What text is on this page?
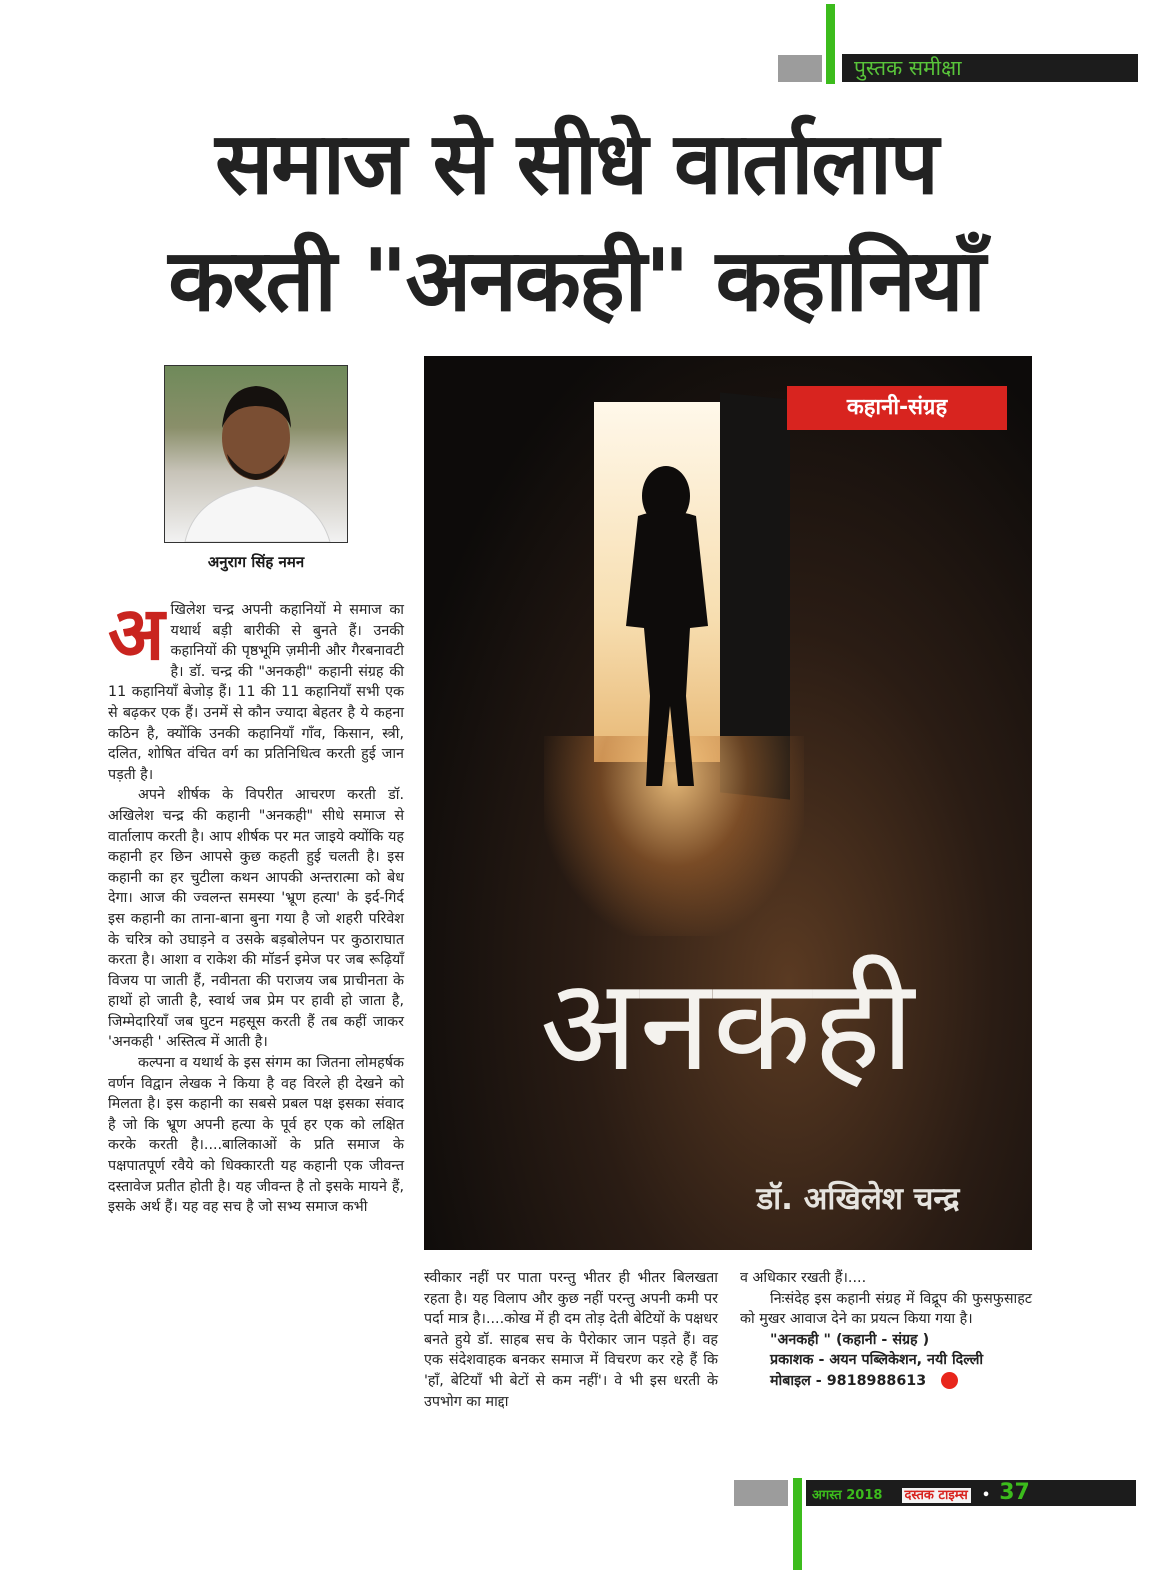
पुस्तक समीक्षा
समाज से सीधे वार्तालाप
करती "अनकही" कहानियाँ
अनुराग सिंह नमन

अ खिलेश चन्द्र अपनी कहानियों मे समाज का यथार्थ बड़ी बारीकी से बुनते हैं। उनकी कहानियों की पृष्ठभूमि ज़मीनी और गैरबनावटी है। डॉ. चन्द्र की "अनकही" कहानी संग्रह की 11 कहानियाँ बेजोड़ हैं। 11 की 11 कहानियाँ सभी एक से बढ़कर एक हैं। उनमें से कौन ज्यादा बेहतर है ये कहना कठिन है, क्योंकि उनकी कहानियाँ गाँव, किसान, स्त्री, दलित, शोषित वंचित वर्ग का प्रतिनिधित्व करती हुई जान पड़ती है।

अपने शीर्षक के विपरीत आचरण करती डॉ. अखिलेश चन्द्र की कहानी "अनकही" सीधे समाज से वार्तालाप करती है। आप शीर्षक पर मत जाइये क्योंकि यह कहानी हर छिन आपसे कुछ कहती हुई चलती है। इस कहानी का हर चुटीला कथन आपकी अन्तरात्मा को बेध देगा। आज की ज्वलन्त समस्या 'भ्रूण हत्या' के इर्द-गिर्द इस कहानी का ताना-बाना बुना गया है जो शहरी परिवेश के चरित्र को उघाड़ने व उसके बड़बोलेपन पर कुठाराघात करता है। आशा व राकेश की मॉडर्न इमेज पर जब रूढ़ियाँ विजय पा जाती हैं, नवीनता की पराजय जब प्राचीनता के हाथों हो जाती है, स्वार्थ जब प्रेम पर हावी हो जाता है, जिम्मेदारियाँ जब घुटन महसूस करती हैं तब कहीं जाकर 'अनकही ' अस्तित्व में आती है।

कल्पना व यथार्थ के इस संगम का जितना लोमहर्षक वर्णन विद्वान लेखक ने किया है वह विरले ही देखने को मिलता है। इस कहानी का सबसे प्रबल पक्ष इसका संवाद है जो कि भ्रूण अपनी हत्या के पूर्व हर एक को लक्षित करके करती है।....बालिकाओं के प्रति समाज के पक्षपातपूर्ण रवैये को धिक्कारती यह कहानी एक जीवन्त दस्तावेज प्रतीत होती है। यह जीवन्त है तो इसके मायने हैं, इसके अर्थ हैं। यह वह सच है जो सभ्य समाज कभी

कहानी-संग्रह
अनकही
डॉ. अखिलेश चन्द्र

स्वीकार नहीं पर पाता परन्तु भीतर ही भीतर बिलखता रहता है। यह विलाप और कुछ नहीं परन्तु अपनी कमी पर पर्दा मात्र है।....कोख में ही दम तोड़ देती बेटियों के पक्षधर बनते हुये डॉ. साहब सच के पैरोकार जान पड़ते हैं। वह एक संदेशवाहक बनकर समाज में विचरण कर रहे हैं कि 'हाँ, बेटियाँ भी बेटों से कम नहीं'। वे भी इस धरती के उपभोग का माद्दा

व अधिकार रखती हैं।....

निःसंदेह इस कहानी संग्रह में विद्रूप की फुसफुसाहट को मुखर आवाज देने का प्रयत्न किया गया है।

"अनकही " (कहानी - संग्रह )

प्रकाशक - अयन पब्लिकेशन, नयी दिल्ली

मोबाइल - 9818988613

अगस्त 2018 दस्तक टाइम्स • 37
